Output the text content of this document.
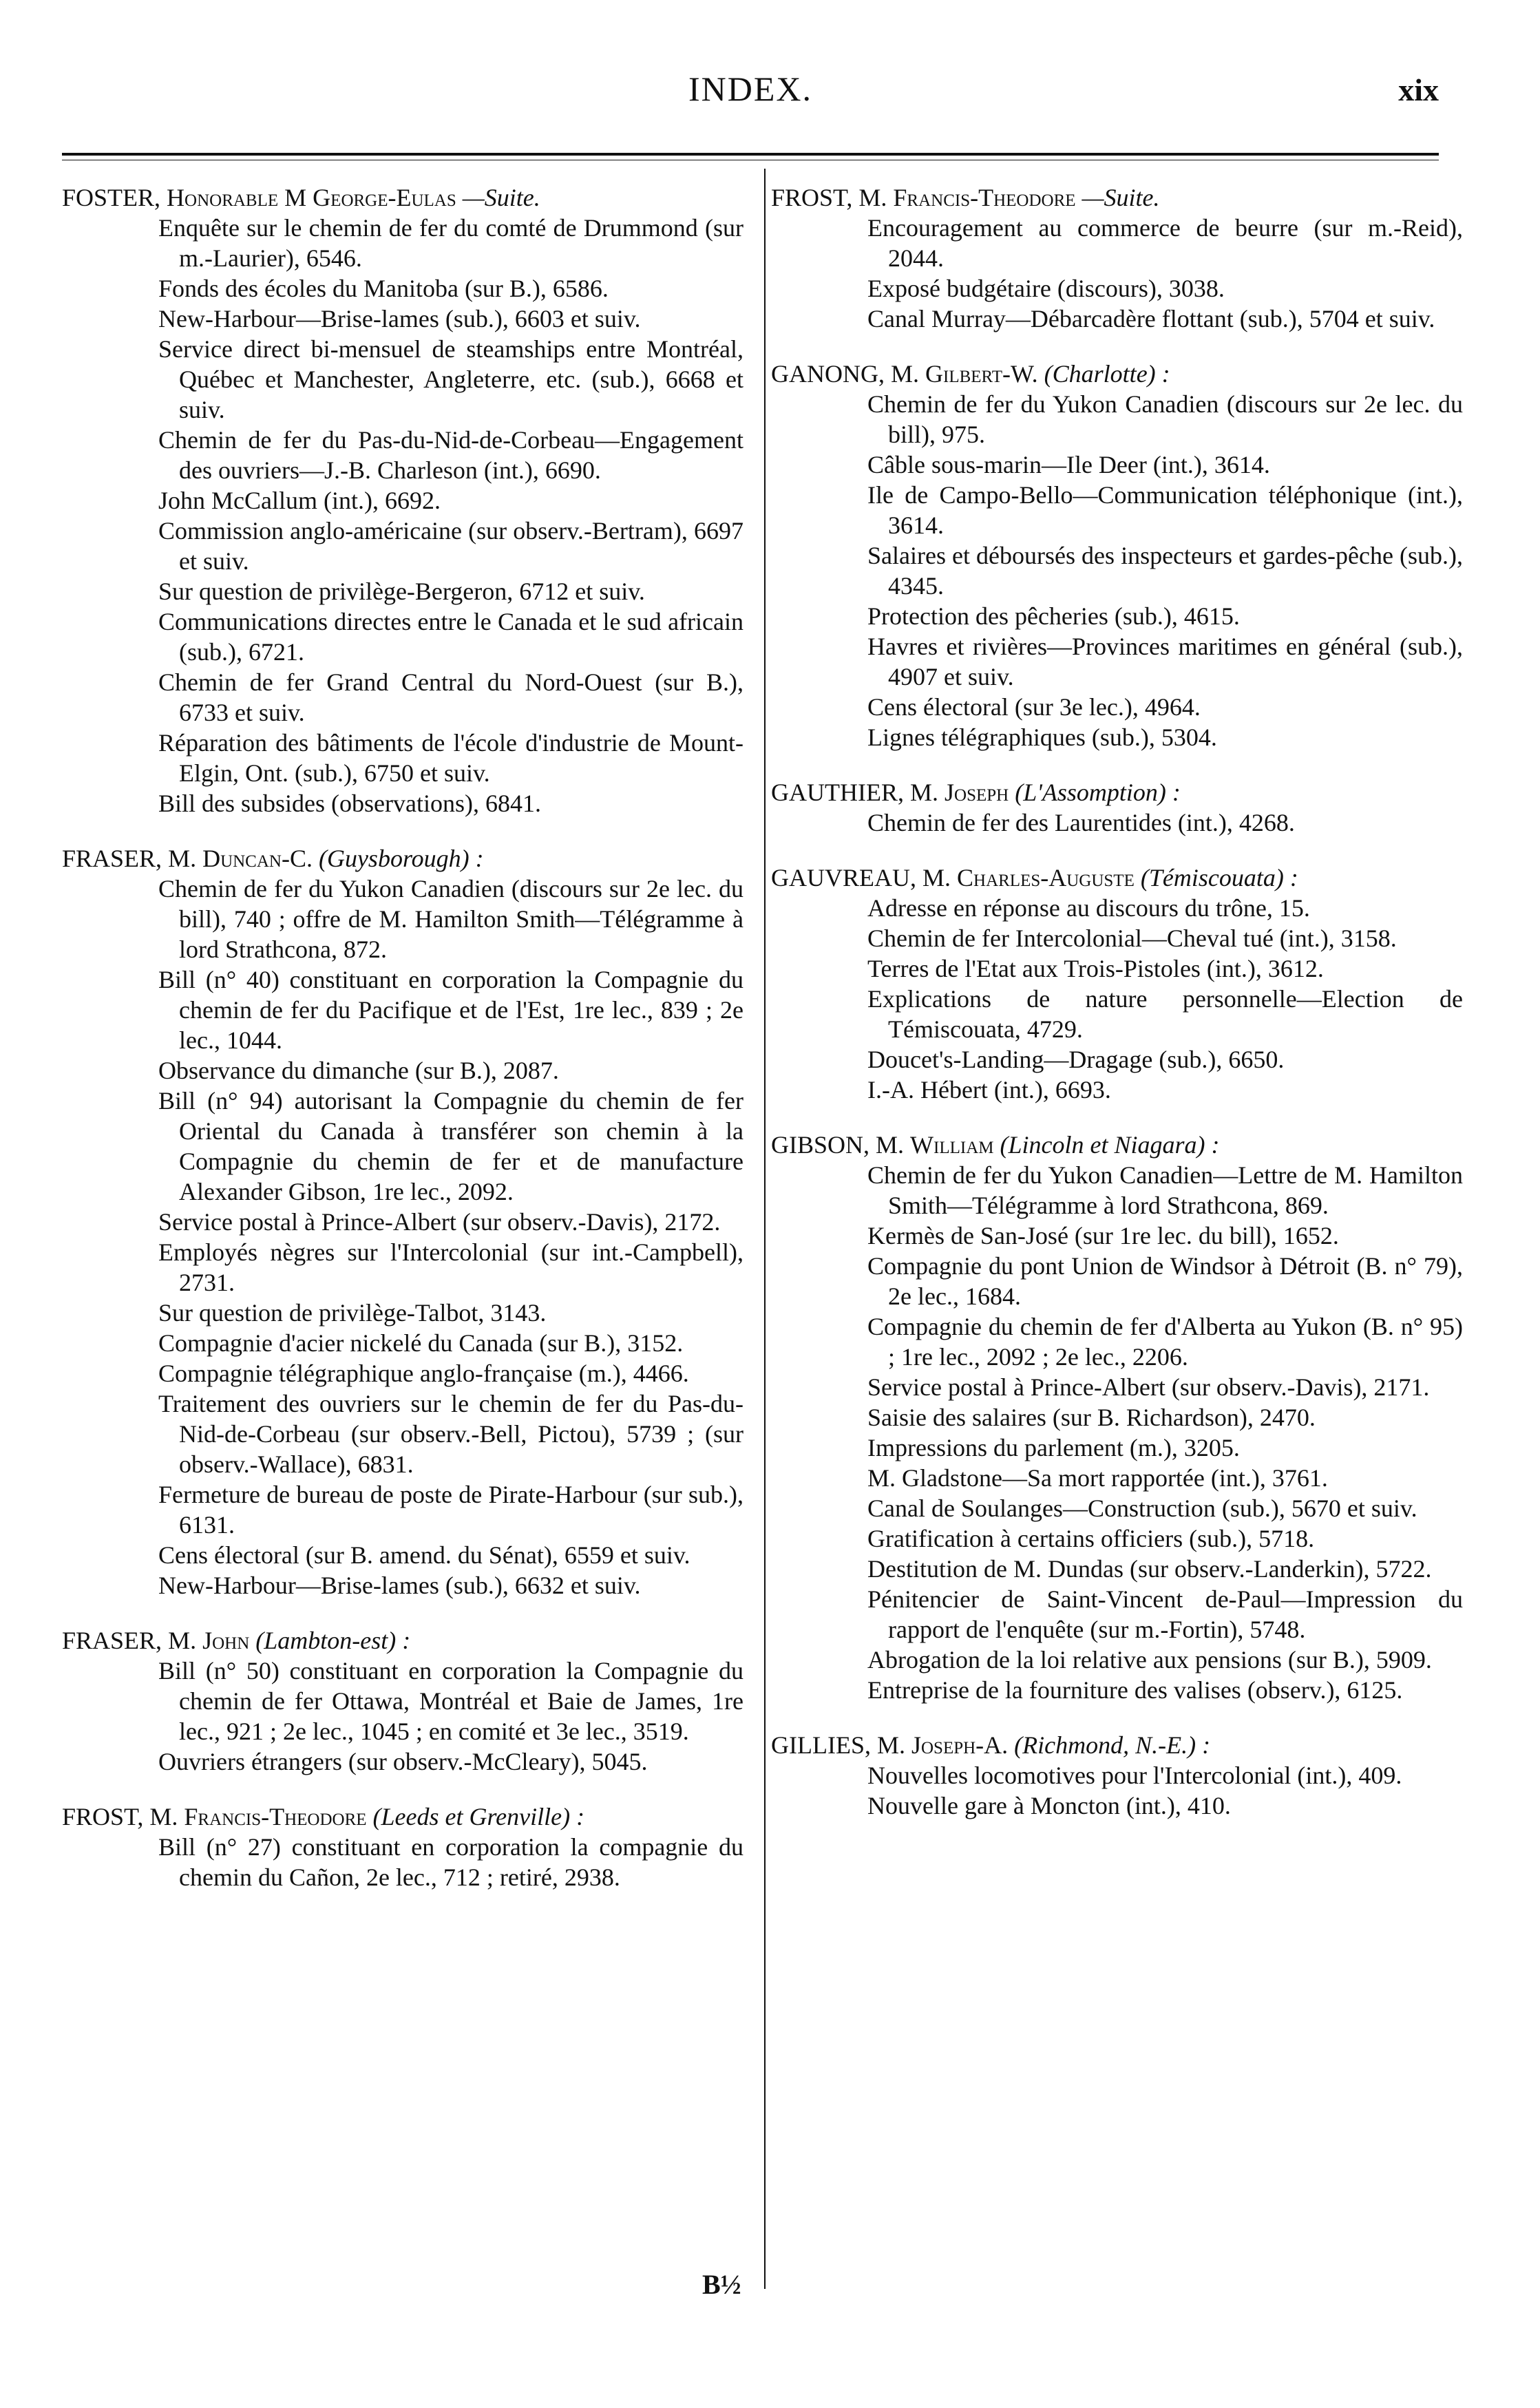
INDEX.	xix
FOSTER, Honorable M George-Eulas —Suite.
Enquête sur le chemin de fer du comté de Drummond (sur m.-Laurier), 6546.
Fonds des écoles du Manitoba (sur B.), 6586.
New-Harbour—Brise-lames (sub.), 6603 et suiv.
Service direct bi-mensuel de steamships entre Montréal, Québec et Manchester, Angleterre, etc. (sub.), 6668 et suiv.
Chemin de fer du Pas-du-Nid-de-Corbeau—Engagement des ouvriers—J.-B. Charleson (int.), 6690.
John McCallum (int.), 6692.
Commission anglo-américaine (sur observ.-Bertram), 6697 et suiv.
Sur question de privilège-Bergeron, 6712 et suiv.
Communications directes entre le Canada et le sud africain (sub.), 6721.
Chemin de fer Grand Central du Nord-Ouest (sur B.), 6733 et suiv.
Réparation des bâtiments de l'école d'industrie de Mount-Elgin, Ont. (sub.), 6750 et suiv.
Bill des subsides (observations), 6841.
FRASER, M. Duncan-C. (Guysborough) :
Chemin de fer du Yukon Canadien (discours sur 2e lec. du bill), 740 ; offre de M. Hamilton Smith—Télégramme à lord Strathcona, 872.
Bill (n° 40) constituant en corporation la Compagnie du chemin de fer du Pacifique et de l'Est, 1re lec., 839 ; 2e lec., 1044.
Observance du dimanche (sur B.), 2087.
Bill (n° 94) autorisant la Compagnie du chemin de fer Oriental du Canada à transférer son chemin à la Compagnie du chemin de fer et de manufacture Alexander Gibson, 1re lec., 2092.
Service postal à Prince-Albert (sur observ.-Davis), 2172.
Employés nègres sur l'Intercolonial (sur int.-Campbell), 2731.
Sur question de privilège-Talbot, 3143.
Compagnie d'acier nickelé du Canada (sur B.), 3152.
Compagnie télégraphique anglo-française (m.), 4466.
Traitement des ouvriers sur le chemin de fer du Pas-du-Nid-de-Corbeau (sur observ.-Bell, Pictou), 5739 ; (sur observ.-Wallace), 6831.
Fermeture de bureau de poste de Pirate-Harbour (sur sub.), 6131.
Cens électoral (sur B. amend. du Sénat), 6559 et suiv.
New-Harbour—Brise-lames (sub.), 6632 et suiv.
FRASER, M. John (Lambton-est) :
Bill (n° 50) constituant en corporation la Compagnie du chemin de fer Ottawa, Montréal et Baie de James, 1re lec., 921 ; 2e lec., 1045 ; en comité et 3e lec., 3519.
Ouvriers étrangers (sur observ.-McCleary), 5045.
FROST, M. Francis-Theodore (Leeds et Grenville) :
Bill (n° 27) constituant en corporation la compagnie du chemin du Cañon, 2e lec., 712 ; retiré, 2938.
FROST, M. Francis-Theodore —Suite.
Encouragement au commerce de beurre (sur m.-Reid), 2044.
Exposé budgétaire (discours), 3038.
Canal Murray—Débarcadère flottant (sub.), 5704 et suiv.
GANONG, M. Gilbert-W. (Charlotte) :
Chemin de fer du Yukon Canadien (discours sur 2e lec. du bill), 975.
Câble sous-marin—Ile Deer (int.), 3614.
Ile de Campo-Bello—Communication téléphonique (int.), 3614.
Salaires et déboursés des inspecteurs et gardes-pêche (sub.), 4345.
Protection des pêcheries (sub.), 4615.
Havres et rivières—Provinces maritimes en général (sub.), 4907 et suiv.
Cens électoral (sur 3e lec.), 4964.
Lignes télégraphiques (sub.), 5304.
GAUTHIER, M. Joseph (L'Assomption) :
Chemin de fer des Laurentides (int.), 4268.
GAUVREAU, M. Charles-Auguste (Témiscouata) :
Adresse en réponse au discours du trône, 15.
Chemin de fer Intercolonial—Cheval tué (int.), 3158.
Terres de l'Etat aux Trois-Pistoles (int.), 3612.
Explications de nature personnelle—Election de Témiscouata, 4729.
Doucet's-Landing—Dragage (sub.), 6650.
I.-A. Hébert (int.), 6693.
GIBSON, M. William (Lincoln et Niagara) :
Chemin de fer du Yukon Canadien—Lettre de M. Hamilton Smith—Télégramme à lord Strathcona, 869.
Kermès de San-José (sur 1re lec. du bill), 1652.
Compagnie du pont Union de Windsor à Détroit (B. n° 79), 2e lec., 1684.
Compagnie du chemin de fer d'Alberta au Yukon (B. n° 95) ; 1re lec., 2092 ; 2e lec., 2206.
Service postal à Prince-Albert (sur observ.-Davis), 2171.
Saisie des salaires (sur B. Richardson), 2470.
Impressions du parlement (m.), 3205.
M. Gladstone—Sa mort rapportée (int.), 3761.
Canal de Soulanges—Construction (sub.), 5670 et suiv.
Gratification à certains officiers (sub.), 5718.
Destitution de M. Dundas (sur observ.-Landerkin), 5722.
Pénitencier de Saint-Vincent de-Paul—Impression du rapport de l'enquête (sur m.-Fortin), 5748.
Abrogation de la loi relative aux pensions (sur B.), 5909.
Entreprise de la fourniture des valises (observ.), 6125.
GILLIES, M. Joseph-A. (Richmond, N.-E.) :
Nouvelles locomotives pour l'Intercolonial (int.), 409.
Nouvelle gare à Moncton (int.), 410.
B½
